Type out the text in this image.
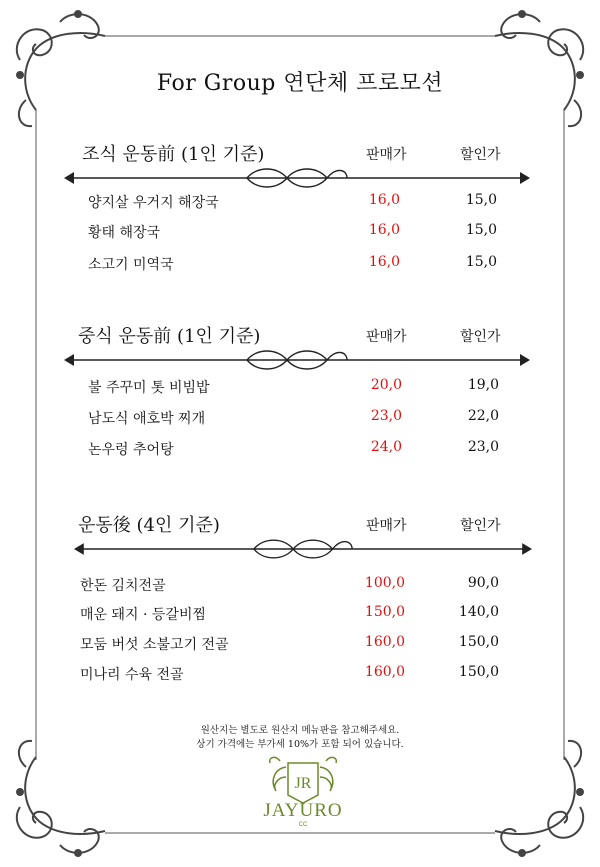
For Group 연단체 프로모션
조식 운동前 (1인 기준)	판매가	할인가
양지살 우거지 해장국	16,0	15,0
황태 해장국	16,0	15,0
소고기 미역국	16,0	15,0
중식 운동前 (1인 기준)	판매가	할인가
불 주꾸미 톳 비빔밥	20,0	19,0
남도식 애호박 찌개	23,0	22,0
논우렁 추어탕	24,0	23,0
운동後 (4인 기준)	판매가	할인가
한돈 김치전골	100,0	90,0
매운 돼지 · 등갈비찜	150,0	140,0
모둠 버섯 소불고기 전골	160,0	150,0
미나리 수육 전골	160,0	150,0
원산지는 별도로 원산지 메뉴판을 참고해주세요.
상기 가격에는 부가세 10%가 포함 되어 있습니다.
JR
JAYURO
CC
